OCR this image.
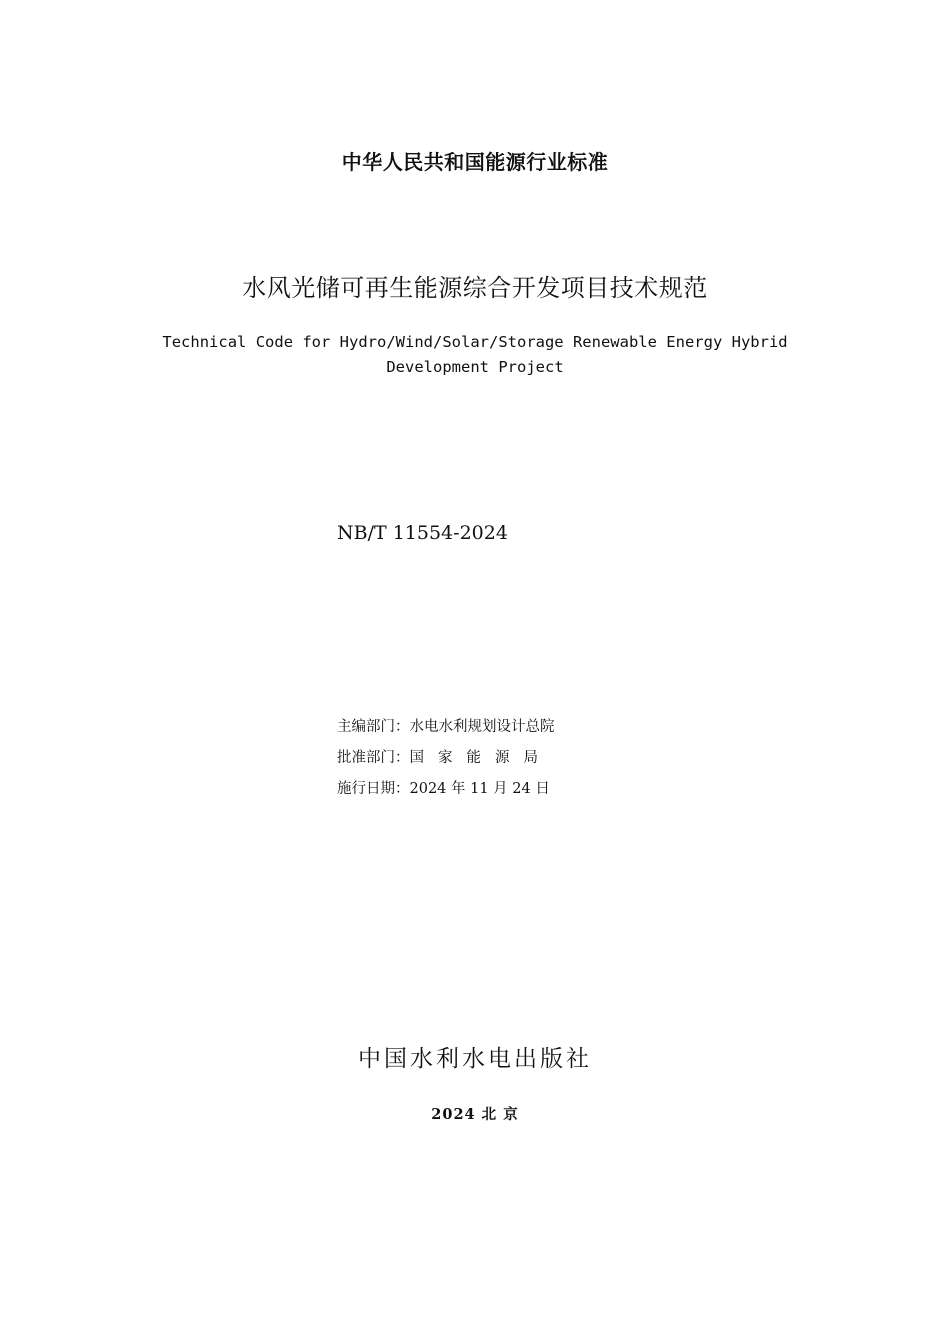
中华人民共和国能源行业标准
水风光储可再生能源综合开发项目技术规范
Technical Code for Hydro/Wind/Solar/Storage Renewable Energy Hybrid Development Project
NB/T 11554-2024
主编部门：水电水利规划设计总院
批准部门：国家能源局
施行日期：2024 年 11 月 24 日
中国水利水电出版社
2024 北 京
